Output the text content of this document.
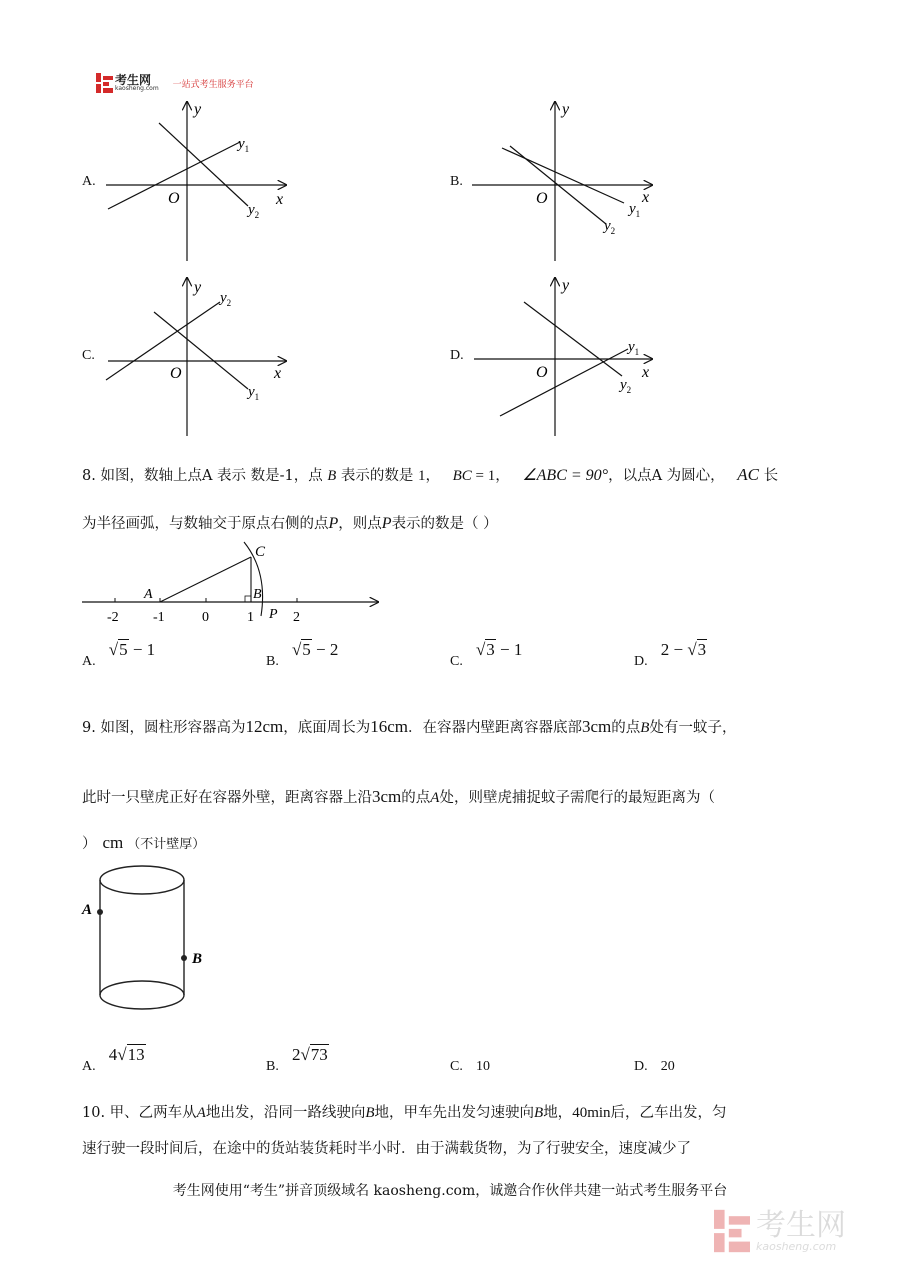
考生网
kaosheng.com	一站式考生服务平台
A.
y
x
O
$y_1$
$y_2$
B.
y
x
O
$y_1$
$y_2$
C.
y
x
O
$y_2$
$y_1$
D.
y
x
O
$y_1$
$y_2$
8. 如图，数轴上点A 表示 数是-1，点 B 表示的数是 1， BC = 1， ∠ABC = 90°，以点A 为圆心， AC 长
为半径画弧，与数轴交于原点右侧的点P，则点P表示的数是（ ）
-2 -1	0	1	2
A	B
C
P
A. √5 − 1
B. √5 − 2
C. √3 − 1
D. 2 − √3
9. 如图，圆柱形容器高为12cm，底面周长为16cm．在容器内壁距离容器底部3cm的点B处有一蚊子，
此时一只壁虎正好在容器外壁，距离容器上沿3cm的点A处，则壁虎捕捉蚊子需爬行的最短距离为（
） cm （不计壁厚）
A
B
A. 4√13
B. 2√73
C. 10	D. 20
10. 甲、乙两车从A地出发，沿同一路线驶向B地，甲车先出发匀速驶向B地，40min后，乙车出发，匀
速行驶一段时间后，在途中的货站装货耗时半小时．由于满载货物，为了行驶安全，速度减少了
考生网使用“考生”拼音顶级域名 kaosheng.com，诚邀合作伙伴共建一站式考生服务平台
考生网
kaosheng.com
